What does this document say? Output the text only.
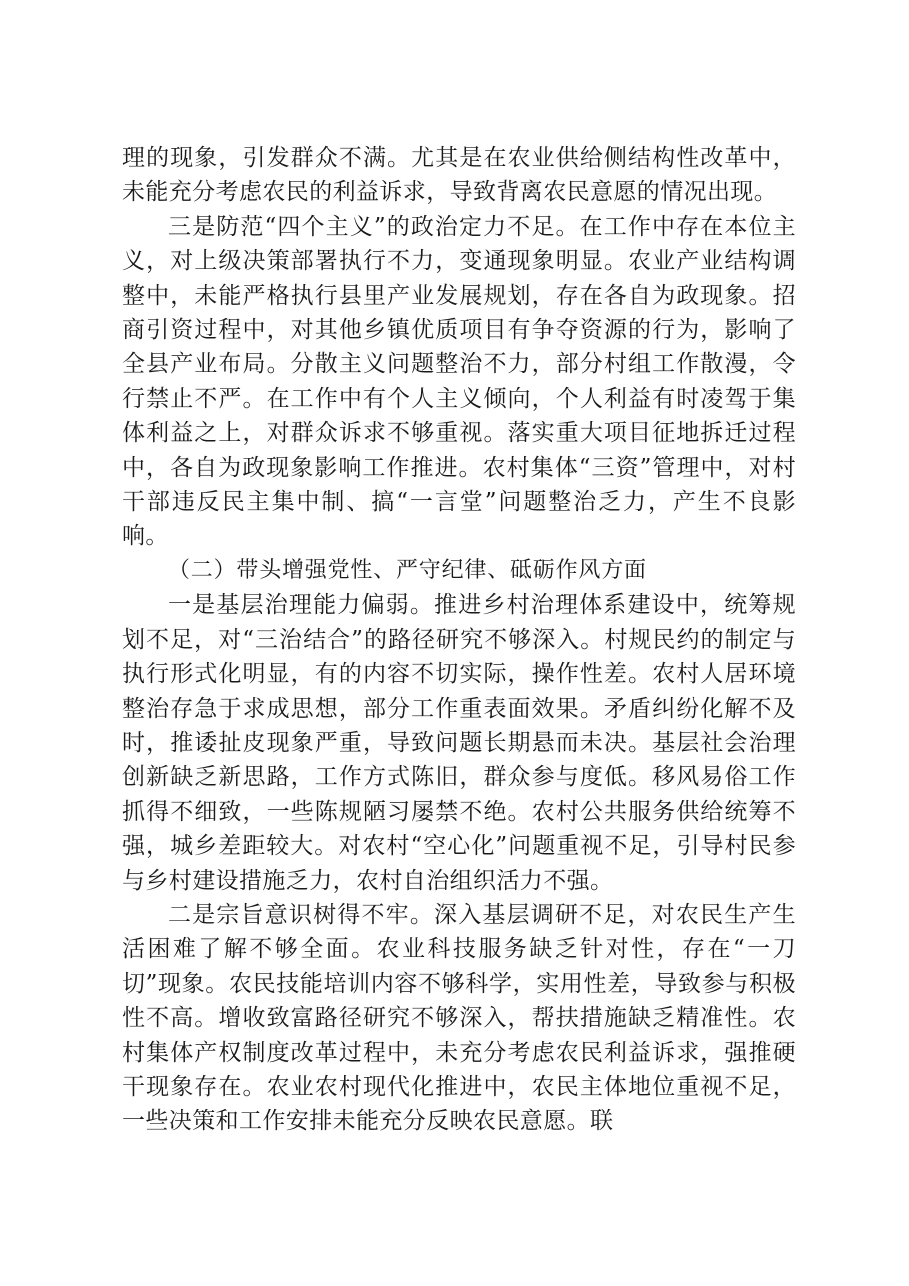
理的现象，引发群众不满。尤其是在农业供给侧结构性改革中，未能充分考虑农民的利益诉求，导致背离农民意愿的情况出现。

三是防范“四个主义”的政治定力不足。在工作中存在本位主义，对上级决策部署执行不力，变通现象明显。农业产业结构调整中，未能严格执行县里产业发展规划，存在各自为政现象。招商引资过程中，对其他乡镇优质项目有争夺资源的行为，影响了全县产业布局。分散主义问题整治不力，部分村组工作散漫，令行禁止不严。在工作中有个人主义倾向，个人利益有时凌驾于集体利益之上，对群众诉求不够重视。落实重大项目征地拆迁过程中，各自为政现象影响工作推进。农村集体“三资”管理中，对村干部违反民主集中制、搞“一言堂”问题整治乏力，产生不良影响。

（二）带头增强党性、严守纪律、砥砺作风方面

一是基层治理能力偏弱。推进乡村治理体系建设中，统筹规划不足，对“三治结合”的路径研究不够深入。村规民约的制定与执行形式化明显，有的内容不切实际，操作性差。农村人居环境整治存急于求成思想，部分工作重表面效果。矛盾纠纷化解不及时，推诿扯皮现象严重，导致问题长期悬而未决。基层社会治理创新缺乏新思路，工作方式陈旧，群众参与度低。移风易俗工作抓得不细致，一些陈规陋习屡禁不绝。农村公共服务供给统筹不强，城乡差距较大。对农村“空心化”问题重视不足，引导村民参与乡村建设措施乏力，农村自治组织活力不强。

二是宗旨意识树得不牢。深入基层调研不足，对农民生产生活困难了解不够全面。农业科技服务缺乏针对性，存在“一刀切”现象。农民技能培训内容不够科学，实用性差，导致参与积极性不高。增收致富路径研究不够深入，帮扶措施缺乏精准性。农村集体产权制度改革过程中，未充分考虑农民利益诉求，强推硬干现象存在。农业农村现代化推进中，农民主体地位重视不足，一些决策和工作安排未能充分反映农民意愿。联
